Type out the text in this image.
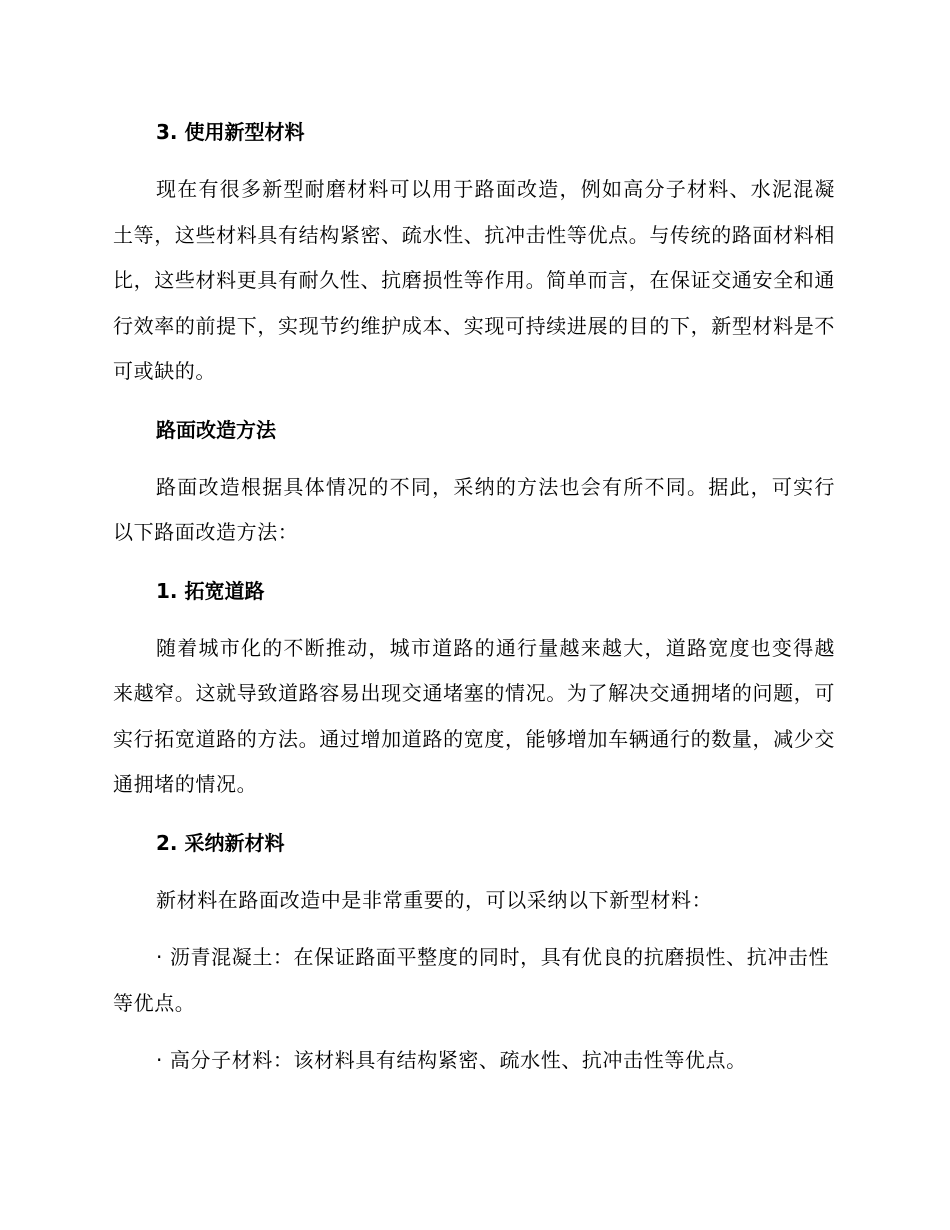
3. 使用新型材料

现在有很多新型耐磨材料可以用于路面改造，例如高分子材料、水泥混凝土等，这些材料具有结构紧密、疏水性、抗冲击性等优点。与传统的路面材料相比，这些材料更具有耐久性、抗磨损性等作用。简单而言，在保证交通安全和通行效率的前提下，实现节约维护成本、实现可持续进展的目的下，新型材料是不可或缺的。

路面改造方法

路面改造根据具体情况的不同，采纳的方法也会有所不同。据此，可实行以下路面改造方法：

1. 拓宽道路

随着城市化的不断推动，城市道路的通行量越来越大，道路宽度也变得越来越窄。这就导致道路容易出现交通堵塞的情况。为了解决交通拥堵的问题，可实行拓宽道路的方法。通过增加道路的宽度，能够增加车辆通行的数量，减少交通拥堵的情况。

2. 采纳新材料

新材料在路面改造中是非常重要的，可以采纳以下新型材料：

· 沥青混凝土：在保证路面平整度的同时，具有优良的抗磨损性、抗冲击性等优点。

· 高分子材料：该材料具有结构紧密、疏水性、抗冲击性等优点。
